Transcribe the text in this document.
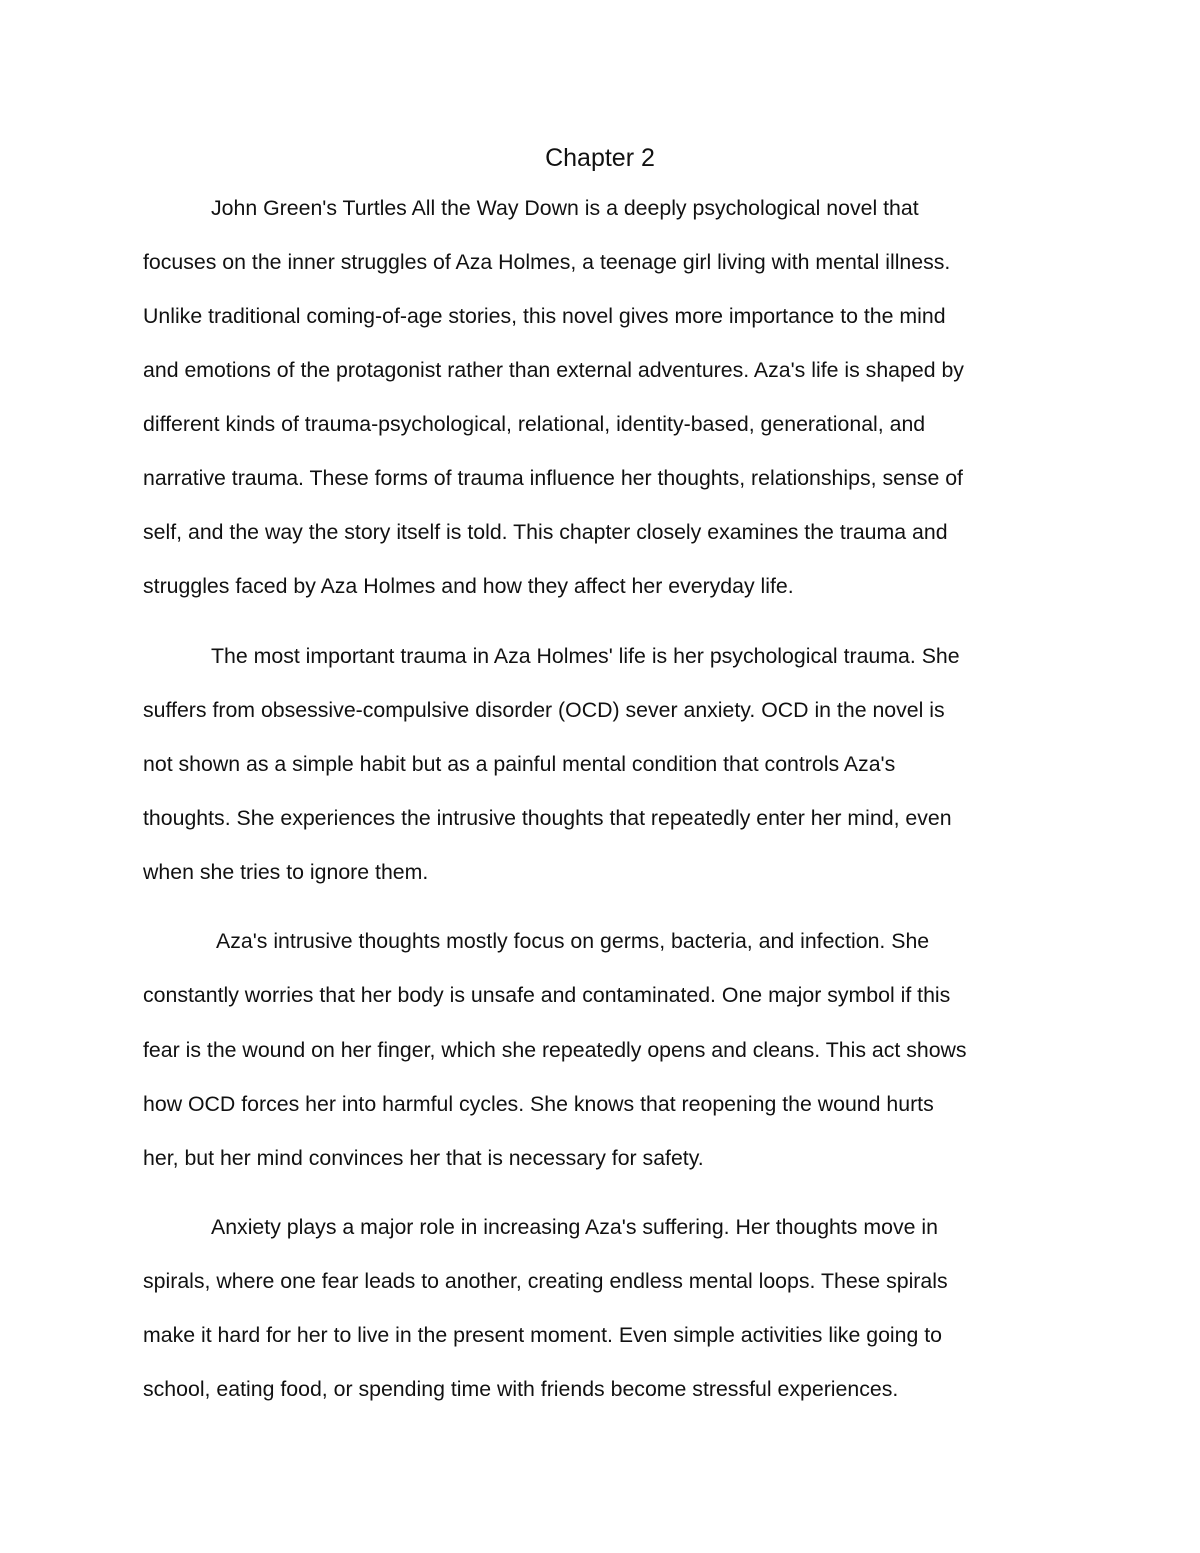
Chapter 2
John Green's Turtles All the Way Down is a deeply psychological novel that
focuses on the inner struggles of Aza Holmes, a teenage girl living with mental illness.
Unlike traditional coming-of-age stories, this novel gives more importance to the mind
and emotions of the protagonist rather than external adventures. Aza's life is shaped by
different kinds of trauma-psychological, relational, identity-based, generational, and
narrative trauma. These forms of trauma influence her thoughts, relationships, sense of
self, and the way the story itself is told. This chapter closely examines the trauma and
struggles faced by Aza Holmes and how they affect her everyday life.
The most important trauma in Aza Holmes' life is her psychological trauma. She
suffers from obsessive-compulsive disorder (OCD) sever anxiety. OCD in the novel is
not shown as a simple habit but as a painful mental condition that controls Aza's
thoughts. She experiences the intrusive thoughts that repeatedly enter her mind, even
when she tries to ignore them.
Aza's intrusive thoughts mostly focus on germs, bacteria, and infection. She
constantly worries that her body is unsafe and contaminated. One major symbol if this
fear is the wound on her finger, which she repeatedly opens and cleans. This act shows
how OCD forces her into harmful cycles. She knows that reopening the wound hurts
her, but her mind convinces her that is necessary for safety.
Anxiety plays a major role in increasing Aza's suffering. Her thoughts move in
spirals, where one fear leads to another, creating endless mental loops. These spirals
make it hard for her to live in the present moment. Even simple activities like going to
school, eating food, or spending time with friends become stressful experiences.
